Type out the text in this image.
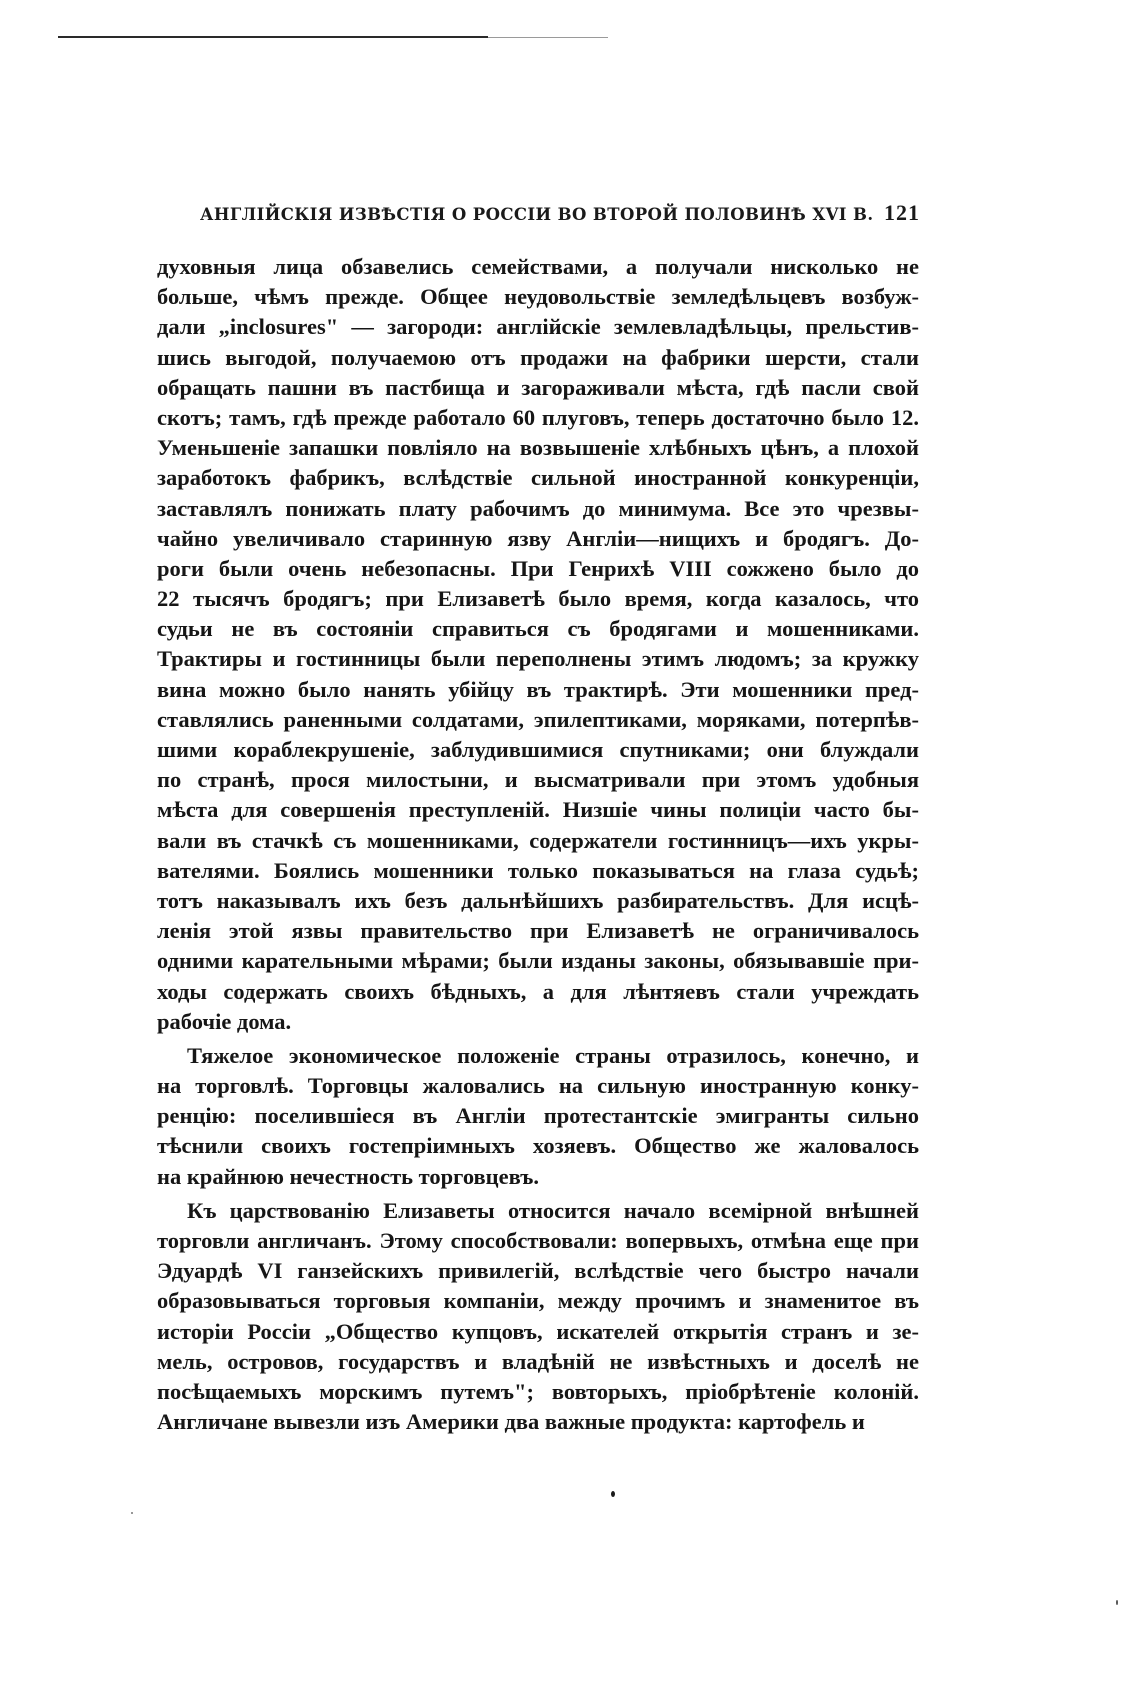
АНГЛІЙСКІЯ ИЗВѢСТІЯ О РОССІИ ВО ВТОРОЙ ПОЛОВИНѢ XVI В. 121
духовныя лица обзавелись семействами, а получали нисколько не
больше, чѣмъ прежде. Общее неудовольствіе земледѣльцевъ возбуж-
дали „inclosures" — загороди: англійскіе землевладѣльцы, прельстив-
шись выгодой, получаемою отъ продажи на фабрики шерсти, стали
обращать пашни въ пастбища и загораживали мѣста, гдѣ пасли свой
скотъ; тамъ, гдѣ прежде работало 60 плуговъ, теперь достаточно было 12.
Уменьшеніе запашки повліяло на возвышеніе хлѣбныхъ цѣнъ, а плохой
заработокъ фабрикъ, вслѣдствіе сильной иностранной конкуренціи,
заставлялъ понижать плату рабочимъ до минимума. Все это чрезвы-
чайно увеличивало старинную язву Англіи—нищихъ и бродягъ. До-
роги были очень небезопасны. При Генрихѣ VIII сожжено было до
22 тысячъ бродягъ; при Елизаветѣ было время, когда казалось, что
судьи не въ состояніи справиться съ бродягами и мошенниками.
Трактиры и гостинницы были переполнены этимъ людомъ; за кружку
вина можно было нанять убійцу въ трактирѣ. Эти мошенники пред-
ставлялись раненными солдатами, эпилептиками, моряками, потерпѣв-
шими кораблекрушеніе, заблудившимися спутниками; они блуждали
по странѣ, прося милостыни, и высматривали при этомъ удобныя
мѣста для совершенія преступленій. Низшіе чины полиціи часто бы-
вали въ стачкѣ съ мошенниками, содержатели гостинницъ—ихъ укры-
вателями. Боялись мошенники только показываться на глаза судьѣ;
тотъ наказывалъ ихъ безъ дальнѣйшихъ разбирательствъ. Для исцѣ-
ленія этой язвы правительство при Елизаветѣ не ограничивалось
одними карательными мѣрами; были изданы законы, обязывавшіе при-
ходы содержать своихъ бѣдныхъ, а для лѣнтяевъ стали учреждать
рабочіе дома.
Тяжелое экономическое положеніе страны отразилось, конечно, и
на торговлѣ. Торговцы жаловались на сильную иностранную конку-
ренцію: поселившіеся въ Англіи протестантскіе эмигранты сильно
тѣснили своихъ гостепріимныхъ хозяевъ. Общество же жаловалось
на крайнюю нечестность торговцевъ.
Къ царствованію Елизаветы относится начало всемірной внѣшней
торговли англичанъ. Этому способствовали: вопервыхъ, отмѣна еще при
Эдуардѣ VI ганзейскихъ привилегій, вслѣдствіе чего быстро начали
образовываться торговыя компаніи, между прочимъ и знаменитое въ
исторіи Россіи „Общество купцовъ, искателей открытія странъ и зе-
мель, островов, государствъ и владѣній не извѣстныхъ и доселѣ не
посѣщаемыхъ морскимъ путемъ"; вовторыхъ, пріобрѣтеніе колоній.
Англичане вывезли изъ Америки два важные продукта: картофель и
